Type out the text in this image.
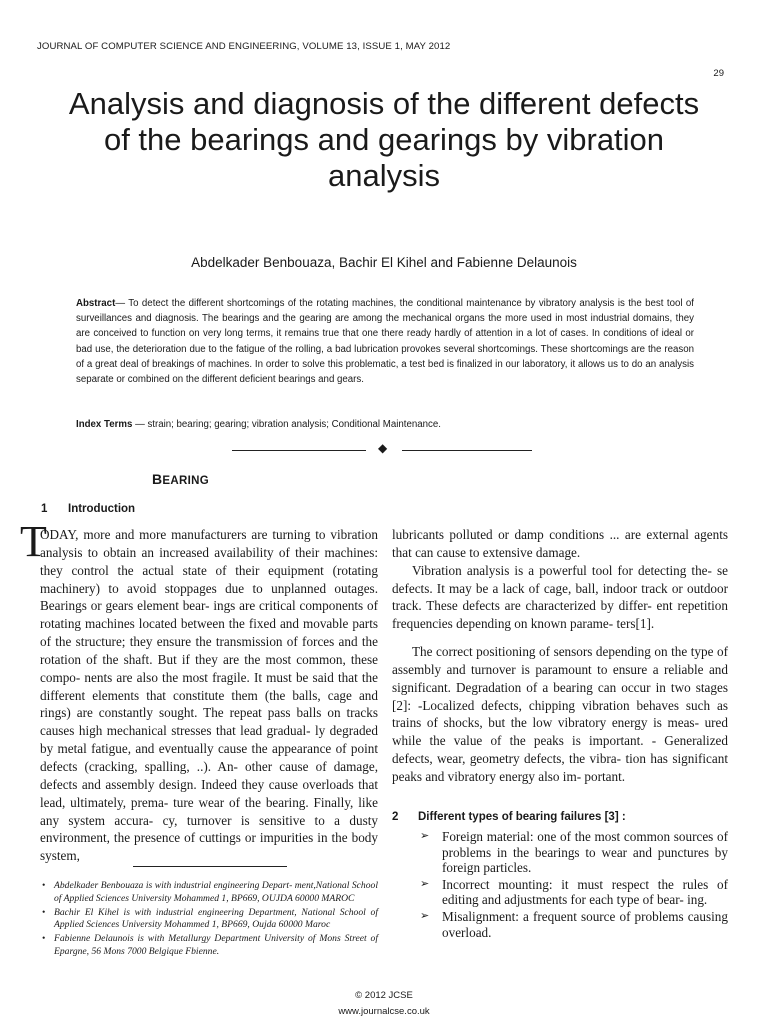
JOURNAL OF COMPUTER SCIENCE AND ENGINEERING, VOLUME 13, ISSUE 1, MAY 2012
29
Analysis and diagnosis of the different defects of the bearings and gearings by vibration analysis
Abdelkader Benbouaza, Bachir El Kihel and Fabienne Delaunois
Abstract— To detect the different shortcomings of the rotating machines, the conditional maintenance by vibratory analysis is the best tool of surveillances and diagnosis. The bearings and the gearing are among the mechanical organs the more used in most industrial domains, they are conceived to function on very long terms, it remains true that one there ready hardly of attention in a lot of cases. In conditions of ideal or bad use, the deterioration due to the fatigue of the rolling, a bad lubrication provokes several shortcomings. These shortcomings are the reason of a great deal of breakings of machines. In order to solve this problematic, a test bed is finalized in our laboratory, it allows us to do an analysis separate or combined on the different deficient bearings and gears.
Index Terms — strain; bearing; gearing; vibration analysis; Conditional Maintenance.
◆
BEARING
1 Introduction
T

ODAY, more and more manufacturers are turning to vibration analysis to obtain an increased availability of their machines: they control the actual state of their equipment (rotating machinery) to avoid stoppages due to unplanned outages. Bearings or gears element bear- ings are critical components of rotating machines located between the fixed and movable parts of the structure; they ensure the transmission of forces and the rotation of the shaft. But if they are the most common, these compo- nents are also the most fragile. It must be said that the different elements that constitute them (the balls, cage and rings) are constantly sought. The repeat pass balls on tracks causes high mechanical stresses that lead gradual- ly degraded by metal fatigue, and eventually cause the appearance of point defects (cracking, spalling, ..). An- other cause of damage, defects and assembly design. Indeed they cause overloads that lead, ultimately, prema- ture wear of the bearing. Finally, like any system accura- cy, turnover is sensitive to a dusty environment, the presence of cuttings or impurities in the body system,

lubricants polluted or damp conditions ... are external agents that can cause to extensive damage.

Vibration analysis is a powerful tool for detecting the- se defects. It may be a lack of cage, ball, indoor track or outdoor track. These defects are characterized by differ- ent repetition frequencies depending on known parame- ters[1].

The correct positioning of sensors depending on the type of assembly and turnover is paramount to ensure a reliable and significant. Degradation of a bearing can occur in two stages [2]: -Localized defects, chipping vibration behaves such as trains of shocks, but the low vibratory energy is meas- ured while the value of the peaks is important. - Generalized defects, wear, geometry defects, the vibra- tion has significant peaks and vibratory energy also im- portant.

2 Different types of bearing failures [3] :
➢ Foreign material: one of the most common sources of problems in the bearings to wear and punctures by foreign particles.
➢ Incorrect mounting: it must respect the rules of editing and adjustments for each type of bear- ing.
➢ Misalignment: a frequent source of problems causing overload.
• Abdelkader Benbouaza is with industrial engineering Depart- ment,National School of Applied Sciences University Mohammed 1, BP669, OUJDA 60000 MAROC
• Bachir El Kihel is with industrial engineering Department, National School of Applied Sciences University Mohammed 1, BP669, Oujda 60000 Maroc
• Fabienne Delaunois is with Metallurgy Department University of Mons Street of Epargne, 56 Mons 7000 Belgique Fbienne.
© 2012 JCSE
www.journalcse.co.uk
